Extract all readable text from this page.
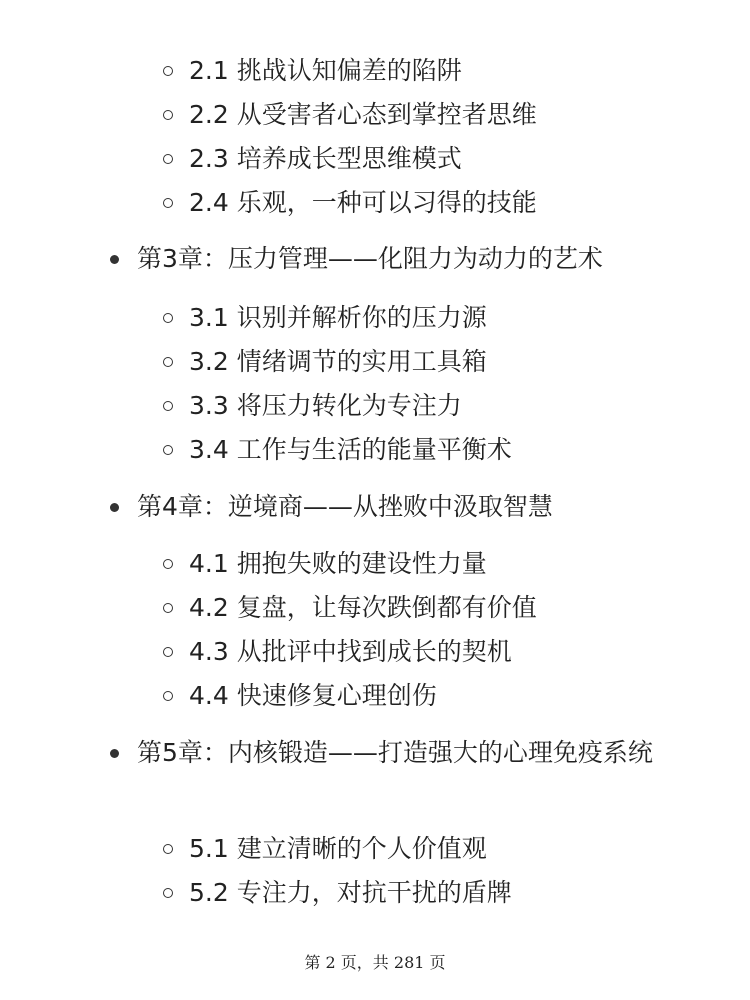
2.1 挑战认知偏差的陷阱
2.2 从受害者心态到掌控者思维
2.3 培养成长型思维模式
2.4 乐观，一种可以习得的技能
第3章：压力管理——化阻力为动力的艺术
3.1 识别并解析你的压力源
3.2 情绪调节的实用工具箱
3.3 将压力转化为专注力
3.4 工作与生活的能量平衡术
第4章：逆境商——从挫败中汲取智慧
4.1 拥抱失败的建设性力量
4.2 复盘，让每次跌倒都有价值
4.3 从批评中找到成长的契机
4.4 快速修复心理创伤
第5章：内核锻造——打造强大的心理免疫系统
5.1 建立清晰的个人价值观
5.2 专注力，对抗干扰的盾牌
第 2 页，共 281 页
